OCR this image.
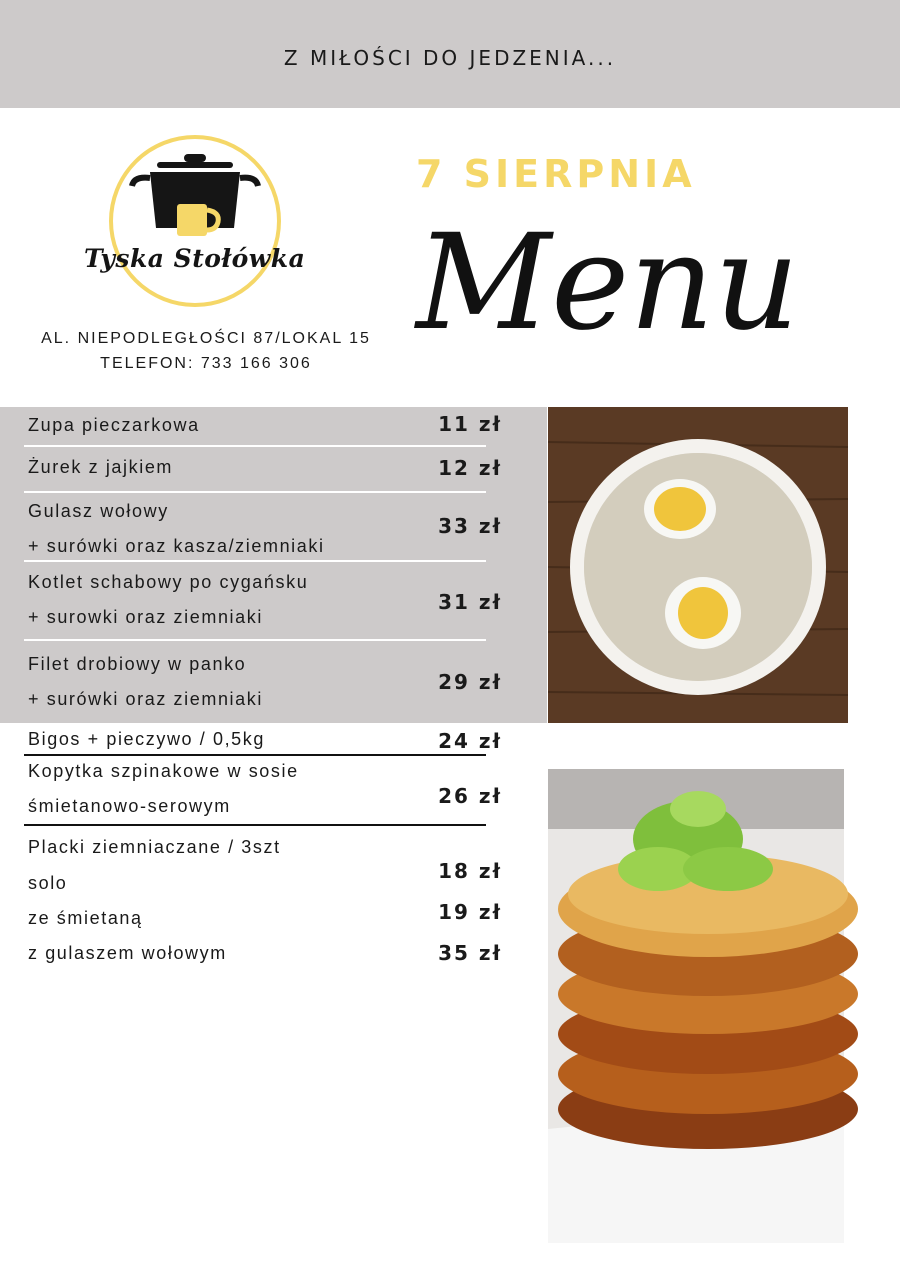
Z MIŁOŚCI DO JEDZENIA...
Tyska Stołówka
AL. NIEPODLEGŁOŚCI 87/LOKAL 15
TELEFON: 733 166 306
7 SIERPNIA
Menu
Zupa pieczarkowa	11 zł
Żurek z jajkiem	12 zł
Gulasz wołowy
+ surówki oraz kasza/ziemniaki
33 zł
Kotlet schabowy po cygańsku
+ surowki oraz ziemniaki
31 zł
Filet drobiowy w panko
+ surówki oraz ziemniaki
29 zł
Bigos + pieczywo / 0,5kg	24 zł
Kopytka szpinakowe w sosie
śmietanowo-serowym	26 zł
Placki ziemniaczane / 3szt
solo	18 zł
ze śmietaną	19 zł
z gulaszem wołowym	35 zł
